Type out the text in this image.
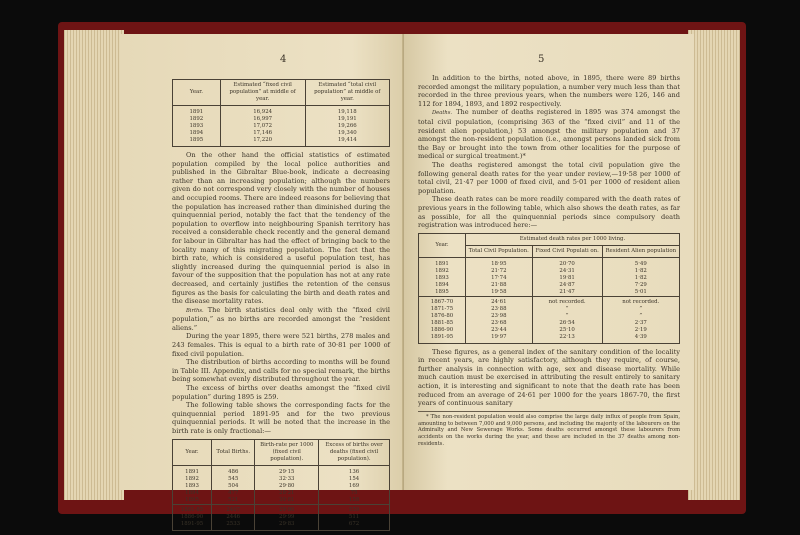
4
Year.	Estimated “fixed civil population” at middle of year.	Estimated “total civil population” at middle of year.
1891	16,924	19,118
1892	16,997	19,191
1893	17,072	19,266
1894	17,146	19,340
1895	17,220	19,414

On the other hand the official statistics of estimated population compiled by the local police authorities and published in the Gibraltar Blue-book, indicate a decreasing rather than an increasing population; although the numbers given do not correspond very closely with the number of houses and occupied rooms. There are indeed reasons for believing that the population has increased rather than diminished during the quinquennial period, notably the fact that the tendency of the population to overflow into neighbouring Spanish territory has received a considerable check recently and the general demand for labour in Gibraltar has had the effect of bringing back to the locality many of this migrating population. The fact that the birth rate, which is considered a useful population test, has slightly increased during the quinquennial period is also in favour of the supposition that the population has not at any rate decreased, and certainly justifies the retention of the census figures as the basis for calculating the birth and death rates and the disease mortality rates.

Births. The birth statistics deal only with the “fixed civil population,” as no births are recorded amongst the “resident aliens.”

During the year 1895, there were 521 births, 278 males and 243 females. This is equal to a birth rate of 30·81 per 1000 of fixed civil population.

The distribution of births according to months will be found in Table III. Appendix, and calls for no special remark, the births being somewhat evenly distributed throughout the year.

The excess of births over deaths amongst the “fixed civil population” during 1895 is 259.

The following table shows the corresponding facts for the quinquennial period 1891-95 and for the two previous quinquennial periods. It will be noted that the increase in the birth rate is only fractional:—

Year.	Total Births.	Birth-rate per 1000 (fixed civil population).	Excess of births over deaths (fixed civil population).
1891	486	29·15	136
1892	545	32·33	154
1893	504	29·80	169
1894	477	28·21	75
1895	521	30·81	158
1881-85	2407	29·80	559
1886-90	2446	29·99	511
1891-95	2533	29·83	672
5

In addition to the births, noted above, in 1895, there were 89 births recorded amongst the military population, a number very much less than that recorded in the three previous years, when the numbers were 126, 146 and 112 for 1894, 1893, and 1892 respectively.

Deaths. The number of deaths registered in 1895 was 374 amongst the total civil population, (comprising 363 of the “fixed civil” and 11 of the resident alien population,) 53 amongst the military population and 37 amongst the non-resident population (i.e., amongst persons landed sick from the Bay or brought into the town from other localities for the purpose of medical or surgical treatment.)*

The deaths registered amongst the total civil population give the following general death rates for the year under review,—19·58 per 1000 of total civil, 21·47 per 1000 of fixed civil, and 5·01 per 1000 of resident alien population.

These death rates can be more readily compared with the death rates of previous years in the following table, which also shows the death rates, as far as possible, for all the quinquennial periods since compulsory death registration was introduced here:—

Year.	Estimated death rates per 1000 living.		
	Total Civil Population.	Fixed Civil Populati on.	Resident Alien population
1891	18·95	20·70	5·49
1892	21·72	24·31	1·82
1893	17·74	19·81	1·82
1894	21·88	24·87	7·29
1895	19·58	21·47	5·01
1867-70	24·61	not recorded.	not recorded.
1871-75	23·88	”	”
1876-80	23·98	”	”
1881-85	23·68	26·54	2·37
1886-90	23·44	25·10	2·19
1891-95	19·97	22·13	4·39

These figures, as a general index of the sanitary condition of the locality in recent years, are highly satisfactory, although they require, of course, further analysis in connection with age, sex and disease mortality. While much caution must be exercised in attributing the result entirely to sanitary action, it is interesting and significant to note that the death rate has been reduced from an average of 24·61 per 1000 for the years 1867-70, the first years of continuous sanitary

* The non-resident population would also comprise the large daily influx of people from Spain, amounting to between 7,000 and 9,000 persons, and including the majority of the labourers on the Admiralty and New Sewerage Works. Some deaths occurred amongst these labourers from accidents on the works during the year, and these are included in the 37 deaths among non-residents.
